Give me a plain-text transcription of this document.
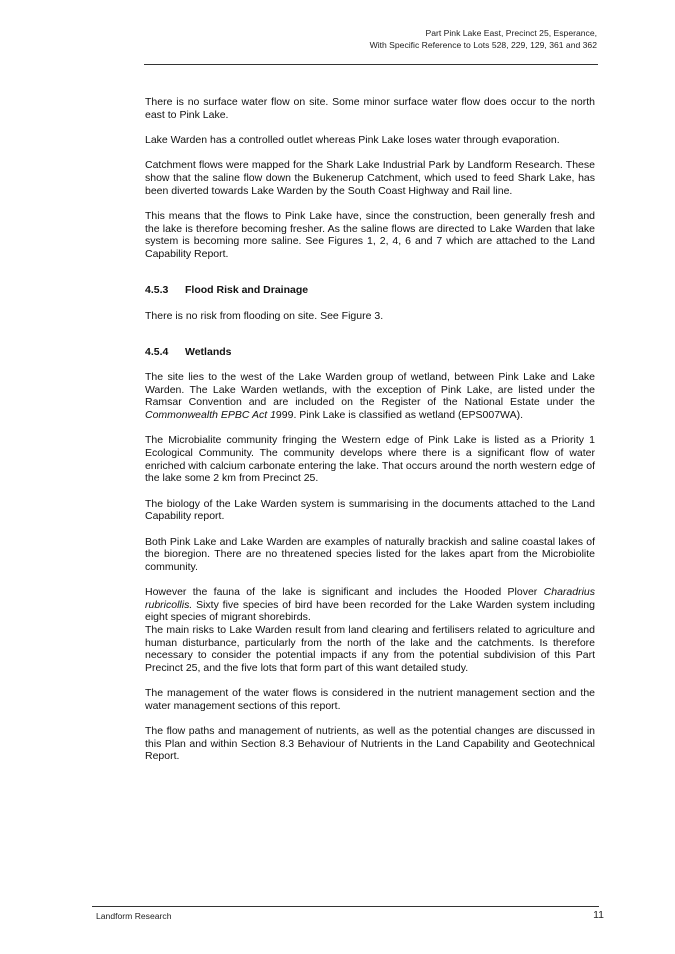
Part Pink Lake East, Precinct 25, Esperance,
With Specific Reference to Lots 528, 229, 129, 361 and 362

There is no surface water flow on site. Some minor surface water flow does occur to the north east to Pink Lake.

Lake Warden has a controlled outlet whereas Pink Lake loses water through evaporation.

Catchment flows were mapped for the Shark Lake Industrial Park by Landform Research. These show that the saline flow down the Bukenerup Catchment, which used to feed Shark Lake, has been diverted towards Lake Warden by the South Coast Highway and Rail line.

This means that the flows to Pink Lake have, since the construction, been generally fresh and the lake is therefore becoming fresher. As the saline flows are directed to Lake Warden that lake system is becoming more saline. See Figures 1, 2, 4, 6 and 7 which are attached to the Land Capability Report.

4.5.3 Flood Risk and Drainage

There is no risk from flooding on site. See Figure 3.

4.5.4 Wetlands

The site lies to the west of the Lake Warden group of wetland, between Pink Lake and Lake Warden. The Lake Warden wetlands, with the exception of Pink Lake, are listed under the Ramsar Convention and are included on the Register of the National Estate under the Commonwealth EPBC Act 1999. Pink Lake is classified as wetland (EPS007WA).

The Microbialite community fringing the Western edge of Pink Lake is listed as a Priority 1 Ecological Community. The community develops where there is a significant flow of water enriched with calcium carbonate entering the lake. That occurs around the north western edge of the lake some 2 km from Precinct 25.

The biology of the Lake Warden system is summarising in the documents attached to the Land Capability report.

Both Pink Lake and Lake Warden are examples of naturally brackish and saline coastal lakes of the bioregion. There are no threatened species listed for the lakes apart from the Microbiolite community.

However the fauna of the lake is significant and includes the Hooded Plover Charadrius rubricollis. Sixty five species of bird have been recorded for the Lake Warden system including eight species of migrant shorebirds.

The main risks to Lake Warden result from land clearing and fertilisers related to agriculture and human disturbance, particularly from the north of the lake and the catchments. Is therefore necessary to consider the potential impacts if any from the potential subdivision of this Part Precinct 25, and the five lots that form part of this want detailed study.

The management of the water flows is considered in the nutrient management section and the water management sections of this report.

The flow paths and management of nutrients, as well as the potential changes are discussed in this Plan and within Section 8.3 Behaviour of Nutrients in the Land Capability and Geotechnical Report.

Landform Research	11
